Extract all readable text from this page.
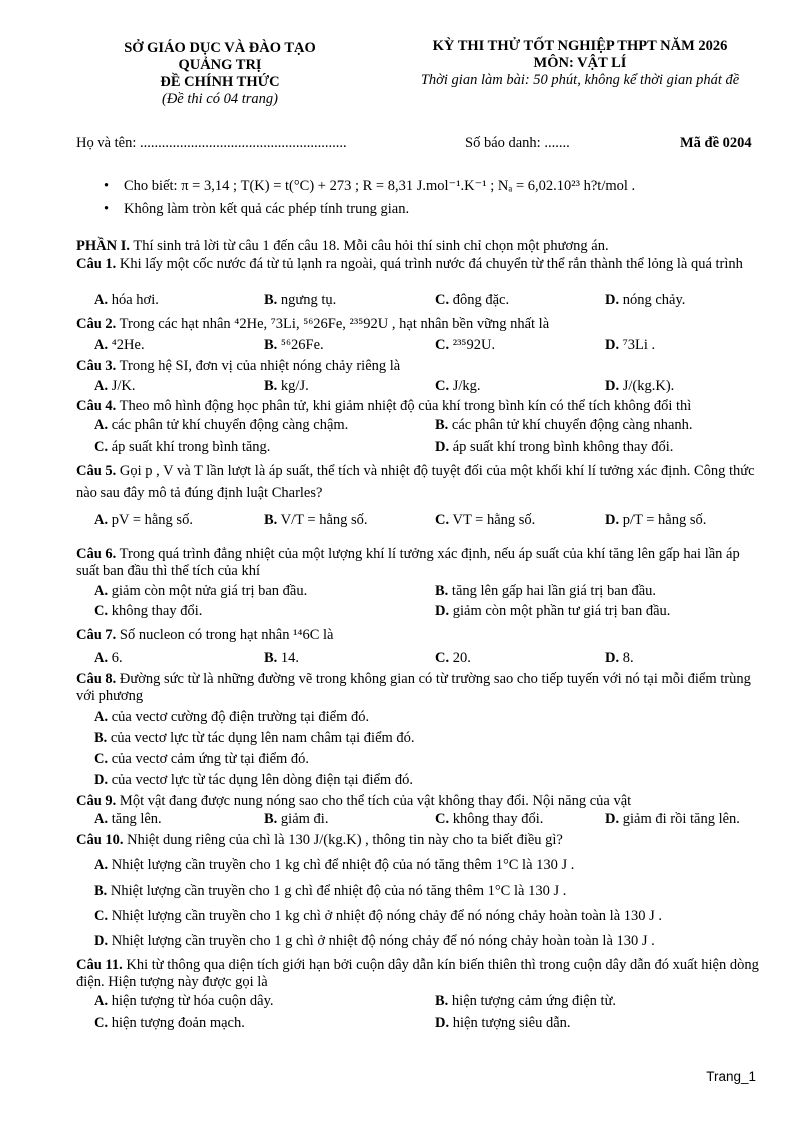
SỞ GIÁO DỤC VÀ ĐÀO TẠO
QUẢNG TRỊ
ĐỀ CHÍNH THỨC
(Đề thi có 04 trang)
KỲ THI THỬ TỐT NGHIỆP THPT NĂM 2026
MÔN: VẬT LÍ
Thời gian làm bài: 50 phút, không kể thời gian phát đề
Họ và tên: .........................................................	Số báo danh: .......	Mã đề 0204
• Cho biết: π = 3,14 ; T(K) = t(°C) + 273 ; R = 8,31 J.mol⁻¹.K⁻¹ ; Nₐ = 6,02.10²³ h?t/mol .
• Không làm tròn kết quả các phép tính trung gian.
PHẦN I. Thí sinh trả lời từ câu 1 đến câu 18. Mỗi câu hỏi thí sinh chỉ chọn một phương án.
Câu 1. Khi lấy một cốc nước đá từ tủ lạnh ra ngoài, quá trình nước đá chuyển từ thể rắn thành thể lỏng là quá trình
A. hóa hơi.	B. ngưng tụ.	C. đông đặc.	D. nóng chảy.
Câu 2. Trong các hạt nhân ⁴2He, ⁷3Li, ⁵⁶26Fe, ²³⁵92U , hạt nhân bền vững nhất là
A. ⁴2He.	B. ⁵⁶26Fe.	C. ²³⁵92U.	D. ⁷3Li .
Câu 3. Trong hệ SI, đơn vị của nhiệt nóng chảy riêng là
A. J/K.	B. kg/J.	C. J/kg.	D. J/(kg.K).
Câu 4. Theo mô hình động học phân tử, khi giảm nhiệt độ của khí trong bình kín có thể tích không đổi thì
A. các phân tử khí chuyển động càng chậm.	B. các phân tử khí chuyển động càng nhanh.
C. áp suất khí trong bình tăng.	D. áp suất khí trong bình không thay đổi.
Câu 5. Gọi p , V và T lần lượt là áp suất, thể tích và nhiệt độ tuyệt đối của một khối khí lí tưởng xác định. Công thức nào sau đây mô tả đúng định luật Charles?
A. pV = hằng số.	B. V/T = hằng số.	C. VT = hằng số.	D. p/T = hằng số.
Câu 6. Trong quá trình đẳng nhiệt của một lượng khí lí tưởng xác định, nếu áp suất của khí tăng lên gấp hai lần áp suất ban đầu thì thể tích của khí
A. giảm còn một nửa giá trị ban đầu.	B. tăng lên gấp hai lần giá trị ban đầu.
C. không thay đổi.	D. giảm còn một phần tư giá trị ban đầu.
Câu 7. Số nucleon có trong hạt nhân ¹⁴6C là
A. 6.	B. 14.	C. 20.	D. 8.
Câu 8. Đường sức từ là những đường vẽ trong không gian có từ trường sao cho tiếp tuyến với nó tại mỗi điểm trùng với phương
A. của vectơ cường độ điện trường tại điểm đó.
B. của vectơ lực từ tác dụng lên nam châm tại điểm đó.
C. của vectơ cảm ứng từ tại điểm đó.
D. của vectơ lực từ tác dụng lên dòng điện tại điểm đó.
Câu 9. Một vật đang được nung nóng sao cho thể tích của vật không thay đổi. Nội năng của vật
A. tăng lên.	B. giảm đi.	C. không thay đổi.	D. giảm đi rồi tăng lên.
Câu 10. Nhiệt dung riêng của chì là 130 J/(kg.K) , thông tin này cho ta biết điều gì?
A. Nhiệt lượng cần truyền cho 1 kg chì để nhiệt độ của nó tăng thêm 1°C là 130 J .
B. Nhiệt lượng cần truyền cho 1 g chì để nhiệt độ của nó tăng thêm 1°C là 130 J .
C. Nhiệt lượng cần truyền cho 1 kg chì ở nhiệt độ nóng chảy để nó nóng chảy hoàn toàn là 130 J .
D. Nhiệt lượng cần truyền cho 1 g chì ở nhiệt độ nóng chảy để nó nóng chảy hoàn toàn là 130 J .
Câu 11. Khi từ thông qua diện tích giới hạn bởi cuộn dây dẫn kín biến thiên thì trong cuộn dây dẫn đó xuất hiện dòng điện. Hiện tượng này được gọi là
A. hiện tượng từ hóa cuộn dây.	B. hiện tượng cảm ứng điện từ.
C. hiện tượng đoản mạch.	D. hiện tượng siêu dẫn.
Trang_1
